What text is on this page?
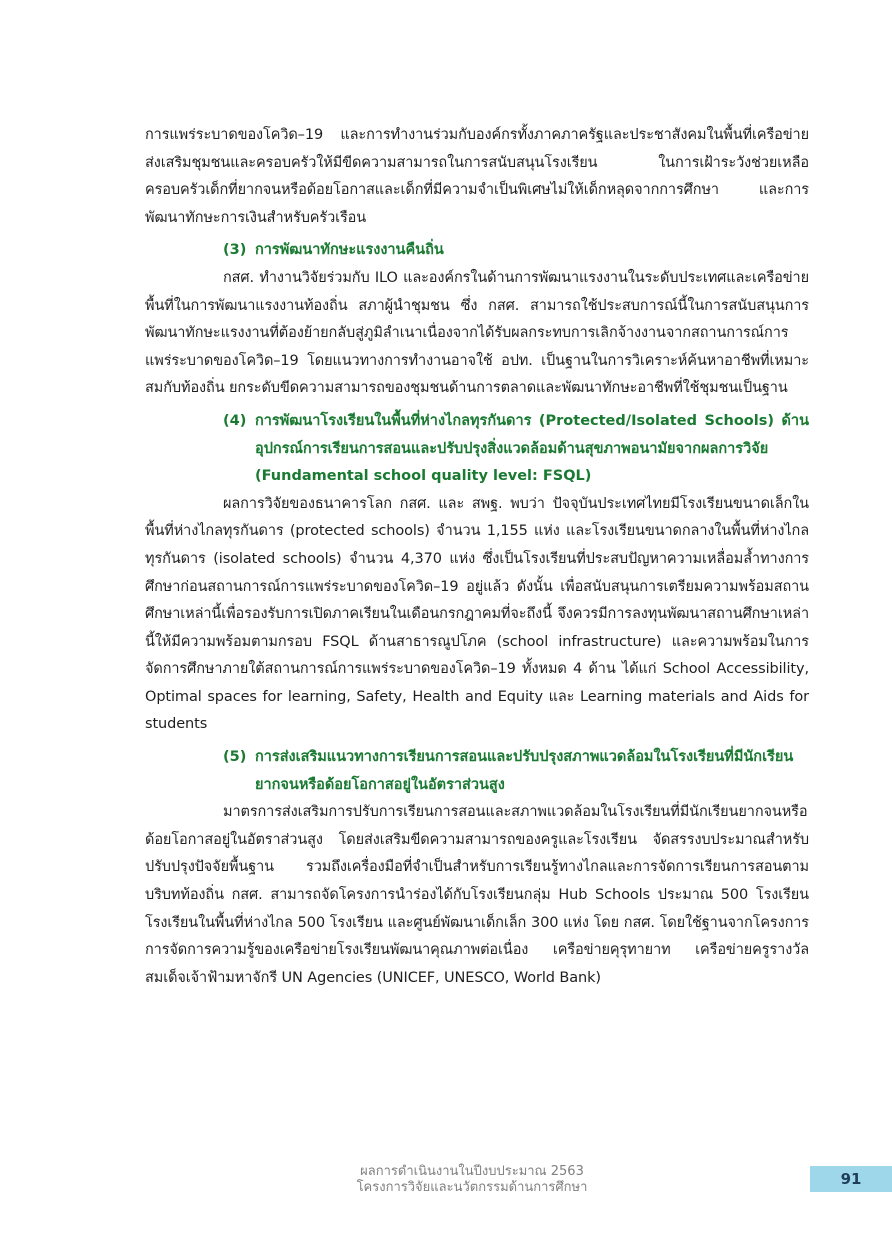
การแพร่ระบาดของโควิด–19 และการทำงานร่วมกับองค์กรทั้งภาคภาครัฐและประชาสังคมในพื้นที่เครือข่าย ส่งเสริมชุมชนและครอบครัวให้มีขีดความสามารถในการสนับสนุนโรงเรียน ในการเฝ้าระวังช่วยเหลือครอบครัวเด็กที่ยากจนหรือด้อยโอกาสและเด็กที่มีความจำเป็นพิเศษไม่ให้เด็กหลุดจากการศึกษา และการพัฒนาทักษะการเงินสำหรับครัวเรือน

(3) การพัฒนาทักษะแรงงานคืนถิ่น

กสศ. ทำงานวิจัยร่วมกับ ILO และองค์กรในด้านการพัฒนาแรงงานในระดับประเทศและเครือข่ายพื้นที่ในการพัฒนาแรงงานท้องถิ่น สภาผู้นำชุมชน ซึ่ง กสศ. สามารถใช้ประสบการณ์นี้ในการสนับสนุนการพัฒนาทักษะแรงงานที่ต้องย้ายกลับสู่ภูมิลำเนาเนื่องจากได้รับผลกระทบการเลิกจ้างงานจากสถานการณ์การแพร่ระบาดของโควิด–19 โดยแนวทางการทำงานอาจใช้ อปท. เป็นฐานในการวิเคราะห์ค้นหาอาชีพที่เหมาะสมกับท้องถิ่น ยกระดับขีดความสามารถของชุมชนด้านการตลาดและพัฒนาทักษะอาชีพที่ใช้ชุมชนเป็นฐาน

(4) การพัฒนาโรงเรียนในพื้นที่ห่างไกลทุรกันดาร (Protected/Isolated Schools) ด้านอุปกรณ์การเรียนการสอนและปรับปรุงสิ่งแวดล้อมด้านสุขภาพอนามัยจากผลการวิจัย (Fundamental school quality level: FSQL)

ผลการวิจัยของธนาคารโลก กสศ. และ สพฐ. พบว่า ปัจจุบันประเทศไทยมีโรงเรียนขนาดเล็กในพื้นที่ห่างไกลทุรกันดาร (protected schools) จำนวน 1,155 แห่ง และโรงเรียนขนาดกลางในพื้นที่ห่างไกลทุรกันดาร (isolated schools) จำนวน 4,370 แห่ง ซึ่งเป็นโรงเรียนที่ประสบปัญหาความเหลื่อมล้ำทางการศึกษาก่อนสถานการณ์การแพร่ระบาดของโควิด–19 อยู่แล้ว ดังนั้น เพื่อสนับสนุนการเตรียมความพร้อมสถานศึกษาเหล่านี้เพื่อรองรับการเปิดภาคเรียนในเดือนกรกฎาคมที่จะถึงนี้ จึงควรมีการลงทุนพัฒนาสถานศึกษาเหล่านี้ให้มีความพร้อมตามกรอบ FSQL ด้านสาธารณูปโภค (school infrastructure) และความพร้อมในการจัดการศึกษาภายใต้สถานการณ์การแพร่ระบาดของโควิด–19 ทั้งหมด 4 ด้าน ได้แก่ School Accessibility, Optimal spaces for learning, Safety, Health and Equity และ Learning materials and Aids for students

(5) การส่งเสริมแนวทางการเรียนการสอนและปรับปรุงสภาพแวดล้อมในโรงเรียนที่มีนักเรียนยากจนหรือด้อยโอกาสอยู่ในอัตราส่วนสูง

มาตรการส่งเสริมการปรับการเรียนการสอนและสภาพแวดล้อมในโรงเรียนที่มีนักเรียนยากจนหรือด้อยโอกาสอยู่ในอัตราส่วนสูง โดยส่งเสริมขีดความสามารถของครูและโรงเรียน จัดสรรงบประมาณสำหรับปรับปรุงปัจจัยพื้นฐาน รวมถึงเครื่องมือที่จำเป็นสำหรับการเรียนรู้ทางไกลและการจัดการเรียนการสอนตามบริบทท้องถิ่น กสศ. สามารถจัดโครงการนำร่องได้กับโรงเรียนกลุ่ม Hub Schools ประมาณ 500 โรงเรียน โรงเรียนในพื้นที่ห่างไกล 500 โรงเรียน และศูนย์พัฒนาเด็กเล็ก 300 แห่ง โดย กสศ. โดยใช้ฐานจากโครงการการจัดการความรู้ของเครือข่ายโรงเรียนพัฒนาคุณภาพต่อเนื่อง เครือข่ายคุรุทายาท เครือข่ายครูรางวัลสมเด็จเจ้าฟ้ามหาจักรี UN Agencies (UNICEF, UNESCO, World Bank)

ผลการดำเนินงานในปีงบประมาณ 2563
โครงการวิจัยและนวัตกรรมด้านการศึกษา	91
